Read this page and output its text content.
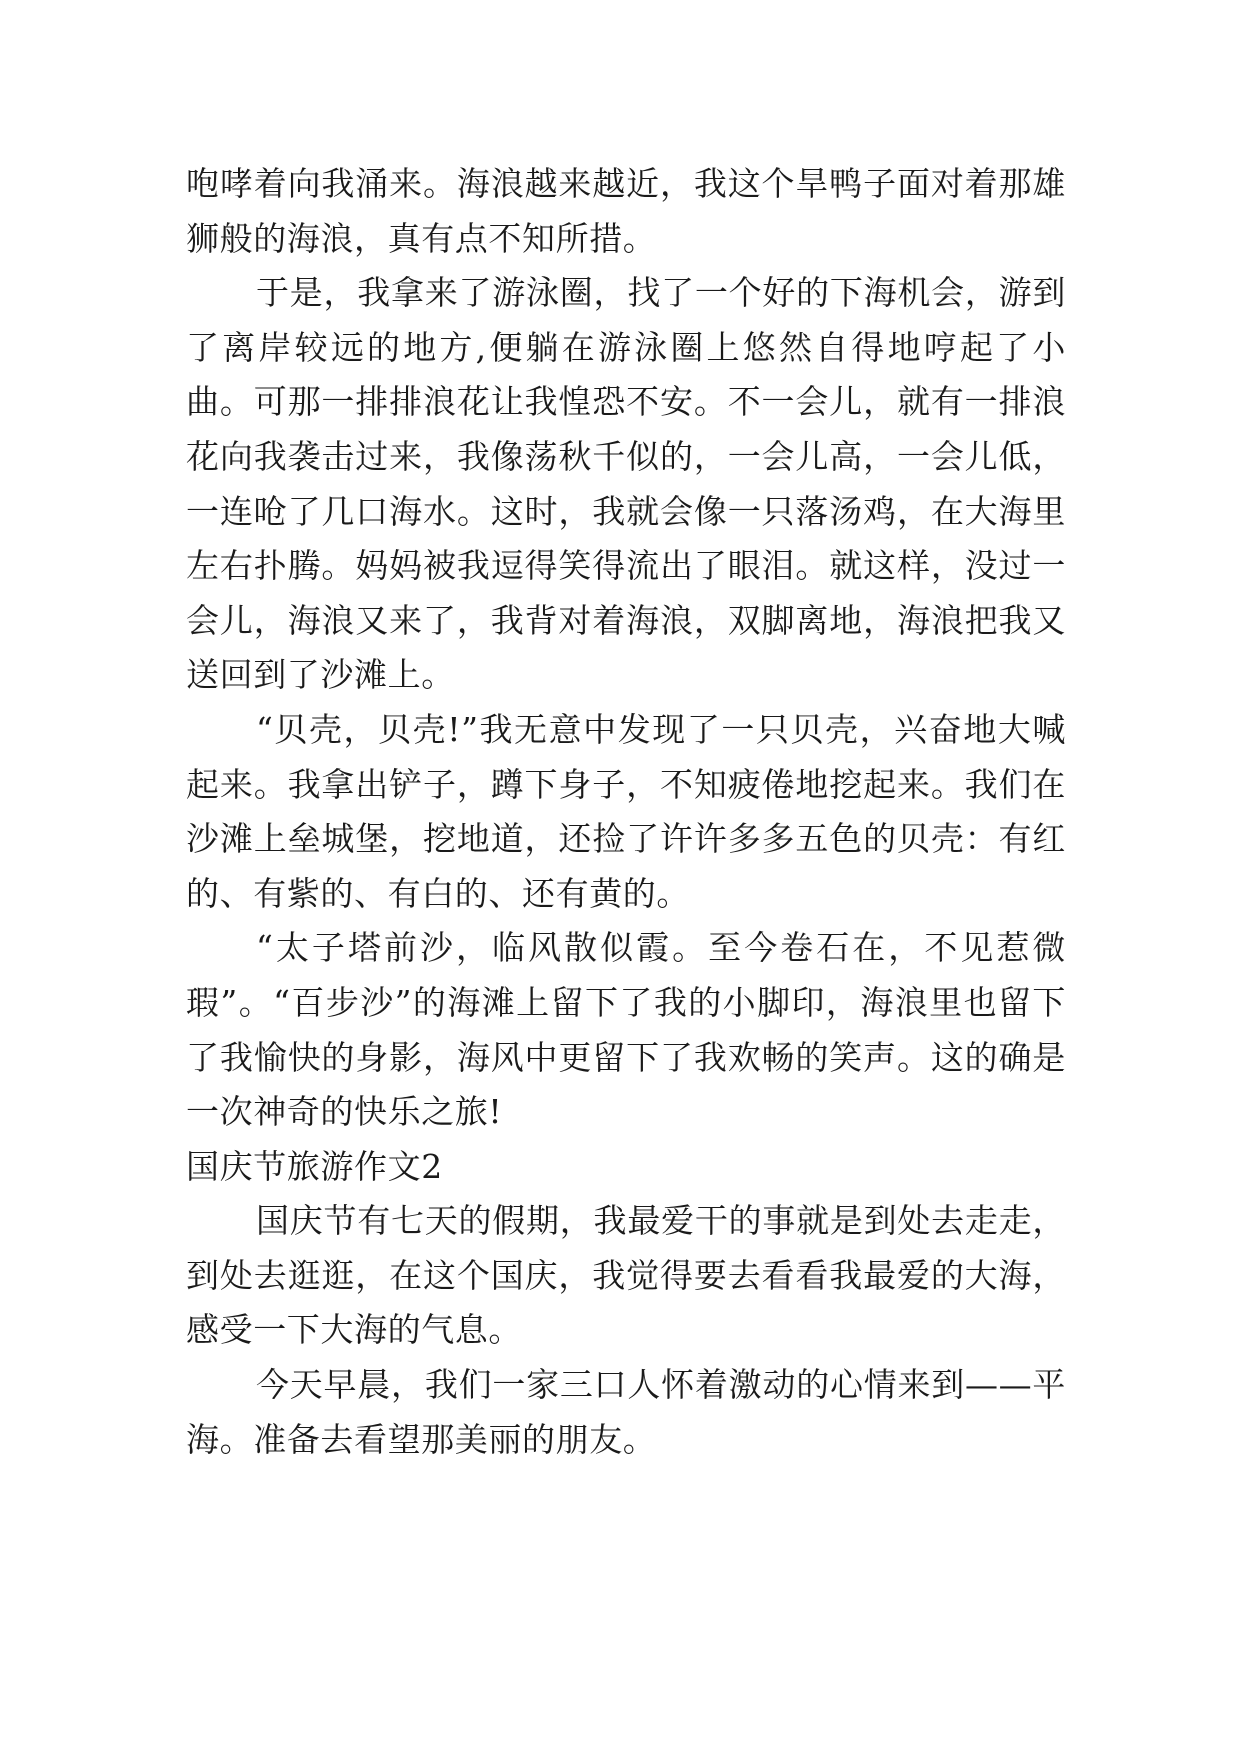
咆哮着向我涌来。海浪越来越近，我这个旱鸭子面对着那雄狮般的海浪，真有点不知所措。

于是，我拿来了游泳圈，找了一个好的下海机会，游到了离岸较远的地方,便躺在游泳圈上悠然自得地哼起了小曲。可那一排排浪花让我惶恐不安。不一会儿，就有一排浪花向我袭击过来，我像荡秋千似的，一会儿高，一会儿低，一连呛了几口海水。这时，我就会像一只落汤鸡，在大海里左右扑腾。妈妈被我逗得笑得流出了眼泪。就这样，没过一会儿，海浪又来了，我背对着海浪，双脚离地，海浪把我又送回到了沙滩上。

“贝壳，贝壳!”我无意中发现了一只贝壳，兴奋地大喊起来。我拿出铲子，蹲下身子，不知疲倦地挖起来。我们在沙滩上垒城堡，挖地道，还捡了许许多多五色的贝壳：有红的、有紫的、有白的、还有黄的。

“太子塔前沙，临风散似霞。至今卷石在，不见惹微瑕”。“百步沙”的海滩上留下了我的小脚印，海浪里也留下了我愉快的身影，海风中更留下了我欢畅的笑声。这的确是一次神奇的快乐之旅!

国庆节旅游作文2

国庆节有七天的假期，我最爱干的事就是到处去走走，到处去逛逛，在这个国庆，我觉得要去看看我最爱的大海，感受一下大海的气息。

今天早晨，我们一家三口人怀着激动的心情来到——平海。准备去看望那美丽的朋友。
